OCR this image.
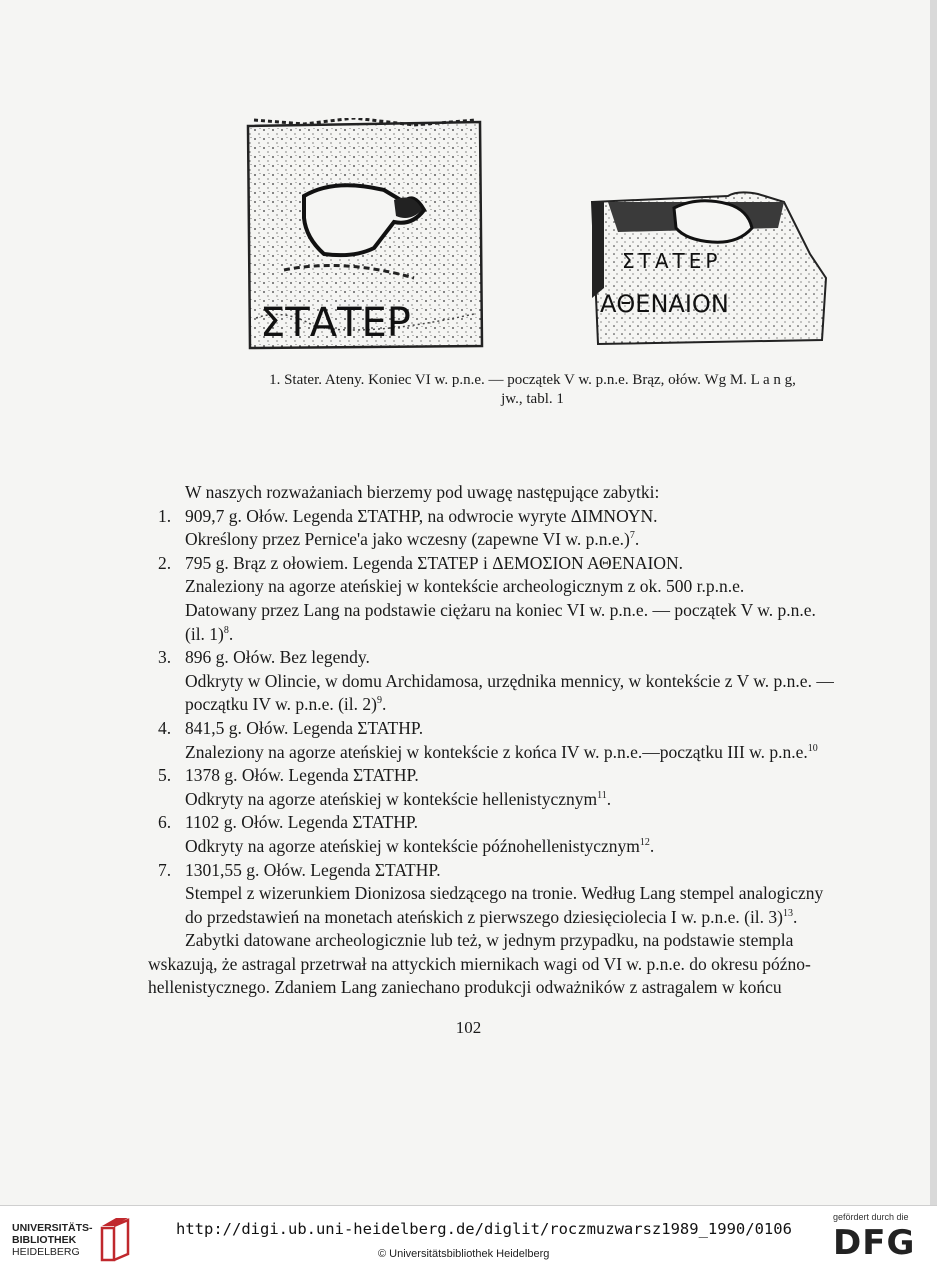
ΣΤΑΤΕΡ
ΣΤΑΤΕΡ
ΑΘΕΝΑΙΟΝ
1. Stater. Ateny. Koniec VI w. p.n.e. — początek V w. p.n.e. Brąz, ołów. Wg M. L a n g,
jw., tabl. 1

W naszych rozważaniach bierzemy pod uwagę następujące zabytki:

1. 909,7 g. Ołów. Legenda ΣΤΑΤΗΡ, na odwrocie wyryte ΔΙΜΝΟΥΝ.

Określony przez Pernice'a jako wczesny (zapewne VI w. p.n.e.)$^7$.

2. 795 g. Brąz z ołowiem. Legenda ΣΤΑΤΕΡ i ΔΕΜΟΣΙΟΝ ΑΘΕΝΑΙΟΝ.

Znaleziony na agorze ateńskiej w kontekście archeologicznym z ok. 500 r.p.n.e.

Datowany przez Lang na podstawie ciężaru na koniec VI w. p.n.e. — początek V w. p.n.e.

(il. 1)$^8$.

3. 896 g. Ołów. Bez legendy.

Odkryty w Olincie, w domu Archidamosa, urzędnika mennicy, w kontekście z V w. p.n.e. —

początku IV w. p.n.e. (il. 2)$^9$.

4. 841,5 g. Ołów. Legenda ΣΤΑΤΗΡ.

Znaleziony na agorze ateńskiej w kontekście z końca IV w. p.n.e.—początku III w. p.n.e.$^{10}$

5. 1378 g. Ołów. Legenda ΣΤΑΤΗΡ.

Odkryty na agorze ateńskiej w kontekście hellenistycznym$^{11}$.

6. 1102 g. Ołów. Legenda ΣΤΑΤΗΡ.

Odkryty na agorze ateńskiej w kontekście późnohellenistycznym$^{12}$.

7. 1301,55 g. Ołów. Legenda ΣΤΑΤΗΡ.

Stempel z wizerunkiem Dionizosa siedzącego na tronie. Według Lang stempel analogiczny

do przedstawień na monetach ateńskich z pierwszego dziesięciolecia I w. p.n.e. (il. 3)$^{13}$.

Zabytki datowane archeologicznie lub też, w jednym przypadku, na podstawie stempla

wskazują, że astragal przetrwał na attyckich miernikach wagi od VI w. p.n.e. do okresu późno-

hellenistycznego. Zdaniem Lang zaniechano produkcji odważników z astragalem w końcu

102
UNIVERSITÄTS-
BIBLIOTHEK
HEIDELBERG
http://digi.ub.uni-heidelberg.de/diglit/roczmuzwarsz1989_1990/0106
© Universitätsbibliothek Heidelberg
gefördert durch die
DFG
